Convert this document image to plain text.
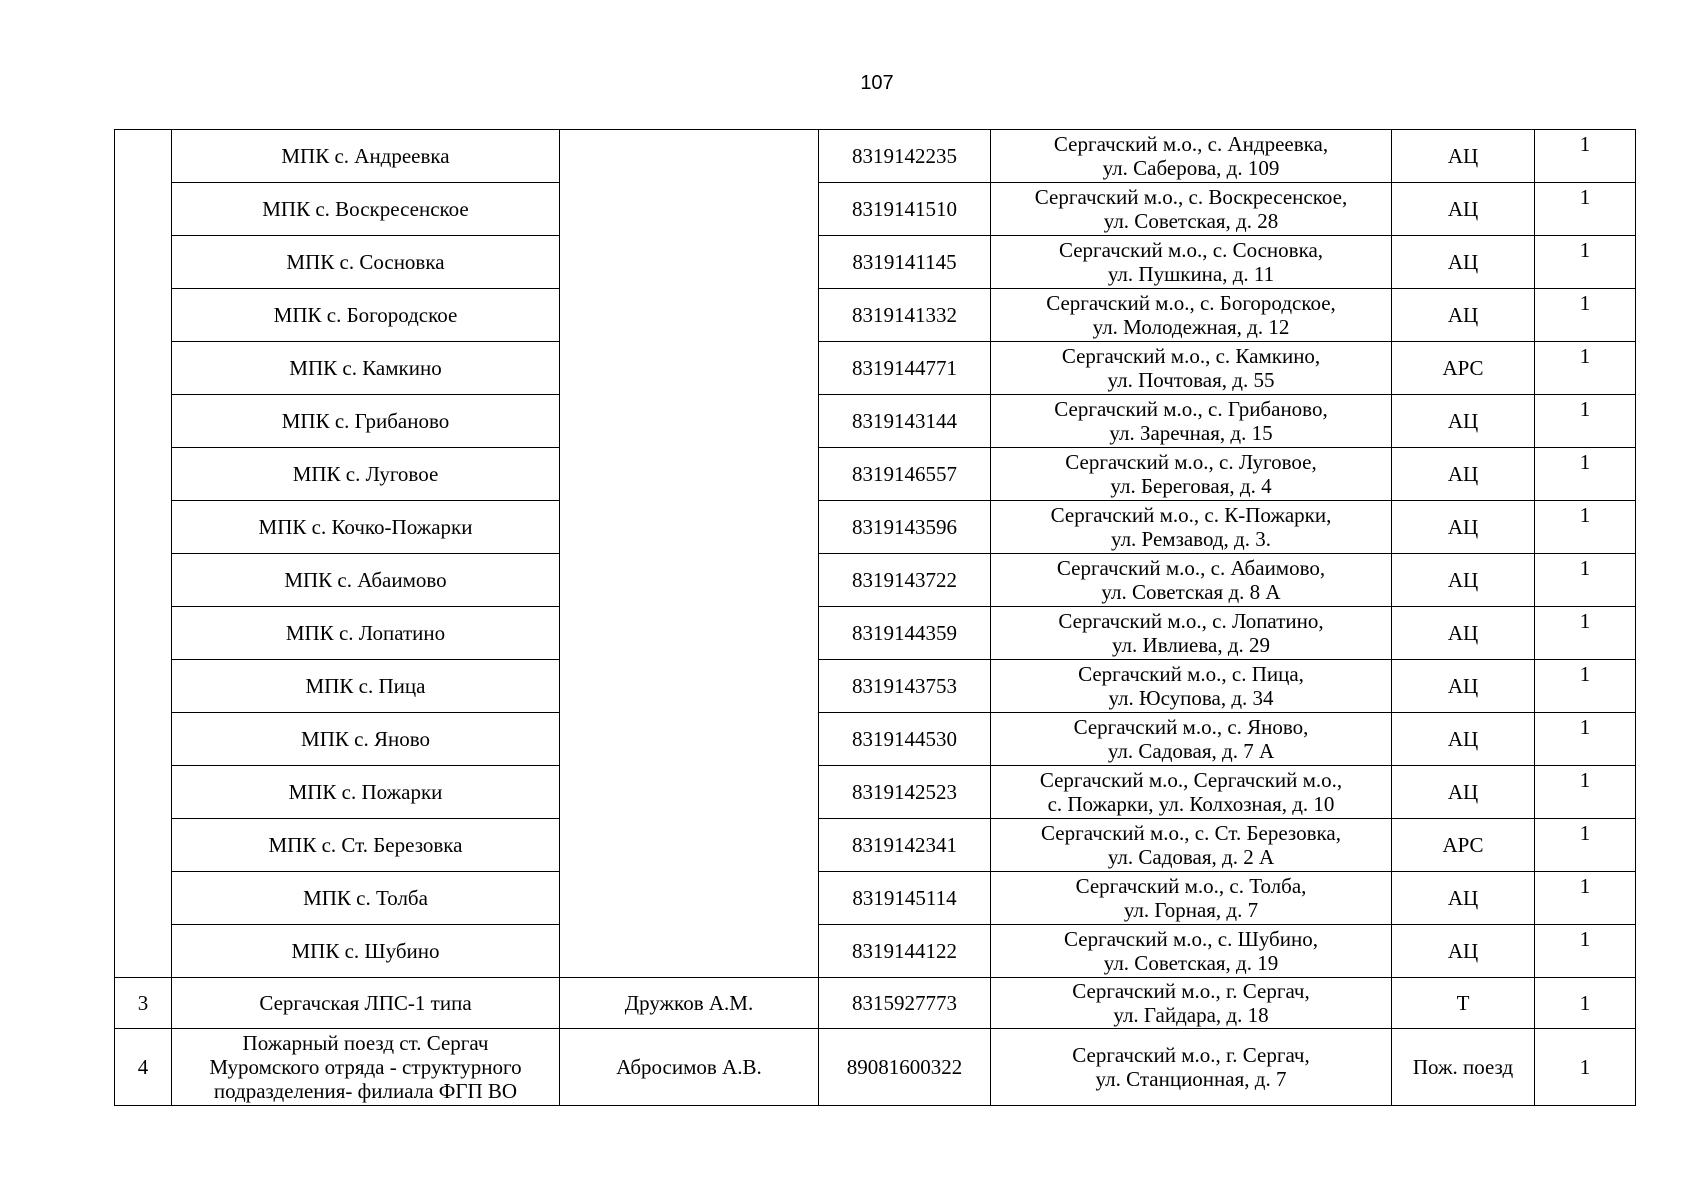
107
	МПК с. Андреевка		8319142235	Сергачский м.о., с. Андреевка,
ул. Саберова, д. 109	АЦ	1
	МПК с. Воскресенское		8319141510	Сергачский м.о., с. Воскресенское,
ул. Советская, д. 28	АЦ	1
	МПК с. Сосновка		8319141145	Сергачский м.о., с. Сосновка,
ул. Пушкина, д. 11	АЦ	1
	МПК с. Богородское		8319141332	Сергачский м.о., с. Богородское,
ул. Молодежная, д. 12	АЦ	1
	МПК с. Камкино		8319144771	Сергачский м.о., с. Камкино,
ул. Почтовая, д. 55	АРС	1
	МПК с. Грибаново		8319143144	Сергачский м.о., с. Грибаново,
ул. Заречная, д. 15	АЦ	1
	МПК с. Луговое		8319146557	Сергачский м.о., с. Луговое,
ул. Береговая, д. 4	АЦ	1
	МПК с. Кочко-Пожарки		8319143596	Сергачский м.о., с. К-Пожарки,
ул. Ремзавод, д. 3.	АЦ	1
	МПК с. Абаимово		8319143722	Сергачский м.о., с. Абаимово,
ул. Советская д. 8 А	АЦ	1
	МПК с. Лопатино		8319144359	Сергачский м.о., с. Лопатино,
ул. Ивлиева, д. 29	АЦ	1
	МПК с. Пица		8319143753	Сергачский м.о., с. Пица,
ул. Юсупова, д. 34	АЦ	1
	МПК с. Яново		8319144530	Сергачский м.о., с. Яново,
ул. Садовая, д. 7 А	АЦ	1
	МПК с. Пожарки		8319142523	Сергачский м.о., Сергачский м.о.,
с. Пожарки, ул. Колхозная, д. 10	АЦ	1
	МПК с. Ст. Березовка		8319142341	Сергачский м.о., с. Ст. Березовка,
ул. Садовая, д. 2 А	АРС	1
	МПК с. Толба		8319145114	Сергачский м.о., с. Толба,
ул. Горная, д. 7	АЦ	1
	МПК с. Шубино		8319144122	Сергачский м.о., с. Шубино,
ул. Советская, д. 19	АЦ	1
3	Сергачская ЛПС-1 типа	Дружков А.М.	8315927773	Сергачский м.о., г. Сергач,
ул. Гайдара, д. 18	Т	1
4	Пожарный поезд ст. Сергач
Муромского отряда - структурного
подразделения- филиала ФГП ВО	Абросимов А.В.	89081600322	Сергачский м.о., г. Сергач,
ул. Станционная, д. 7	Пож. поезд	1
